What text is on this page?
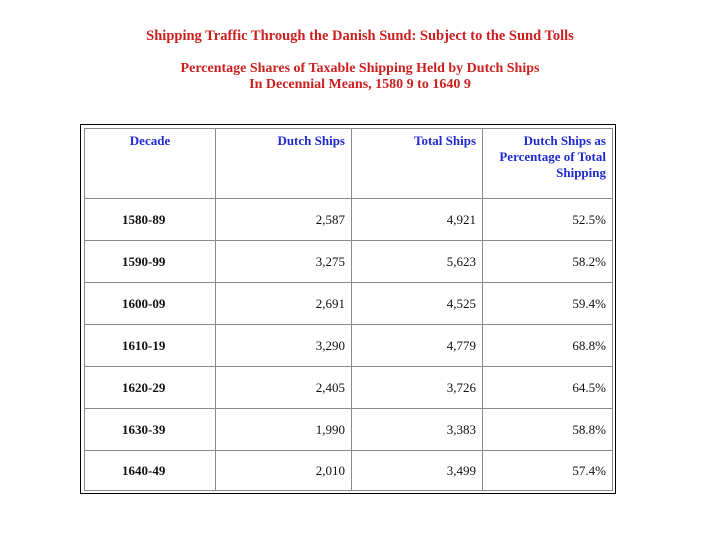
Shipping Traffic Through the Danish Sund: Subject to the Sund Tolls
Percentage Shares of Taxable Shipping Held by Dutch Ships
In Decennial Means, 1580 9 to 1640 9
Decade	Dutch Ships	Total Ships	Dutch Ships as
Percentage of Total
Shipping
1580-89	2,587	4,921	52.5%
1590-99	3,275	5,623	58.2%
1600-09	2,691	4,525	59.4%
1610-19	3,290	4,779	68.8%
1620-29	2,405	3,726	64.5%
1630-39	1,990	3,383	58.8%
1640-49	2,010	3,499	57.4%
